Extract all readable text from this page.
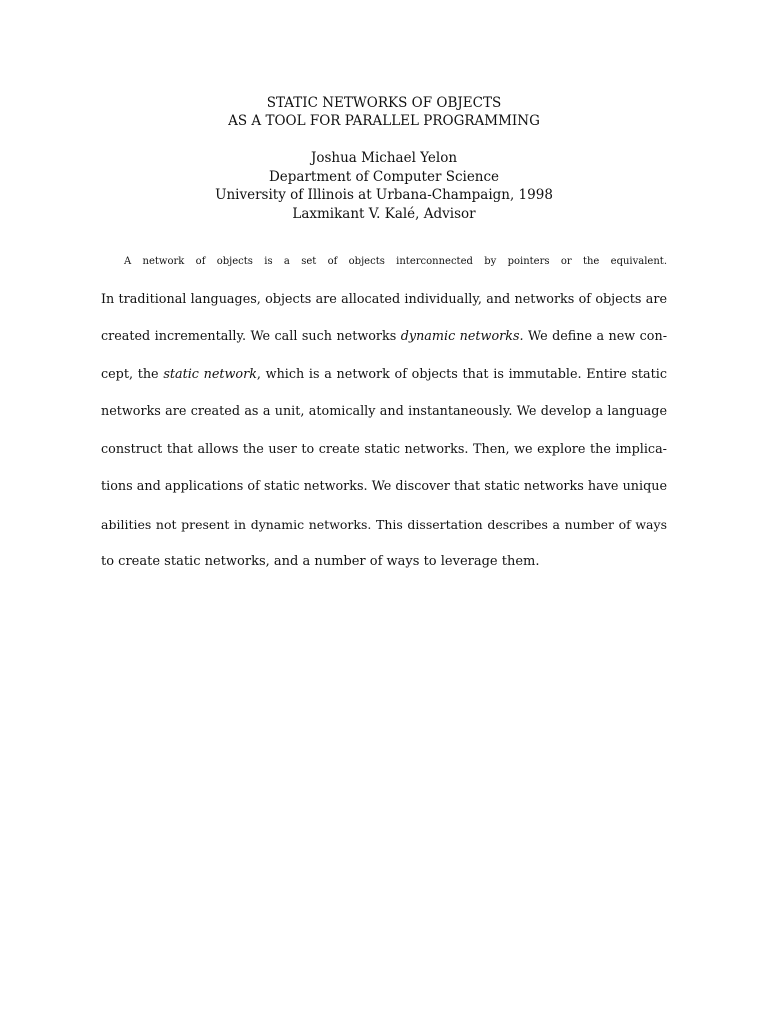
STATIC NETWORKS OF OBJECTS
AS A TOOL FOR PARALLEL PROGRAMMING
Joshua Michael Yelon
Department of Computer Science
University of Illinois at Urbana-Champaign, 1998
Laxmikant V. Kalé, Advisor
A network of objects is a set of objects interconnected by pointers or the equivalent.
In traditional languages, objects are allocated individually, and networks of objects are
created incrementally. We call such networks dynamic networks. We define a new con-
cept, the static network, which is a network of objects that is immutable. Entire static
networks are created as a unit, atomically and instantaneously. We develop a language
construct that allows the user to create static networks. Then, we explore the implica-
tions and applications of static networks. We discover that static networks have unique
abilities not present in dynamic networks. This dissertation describes a number of ways
to create static networks, and a number of ways to leverage them.
